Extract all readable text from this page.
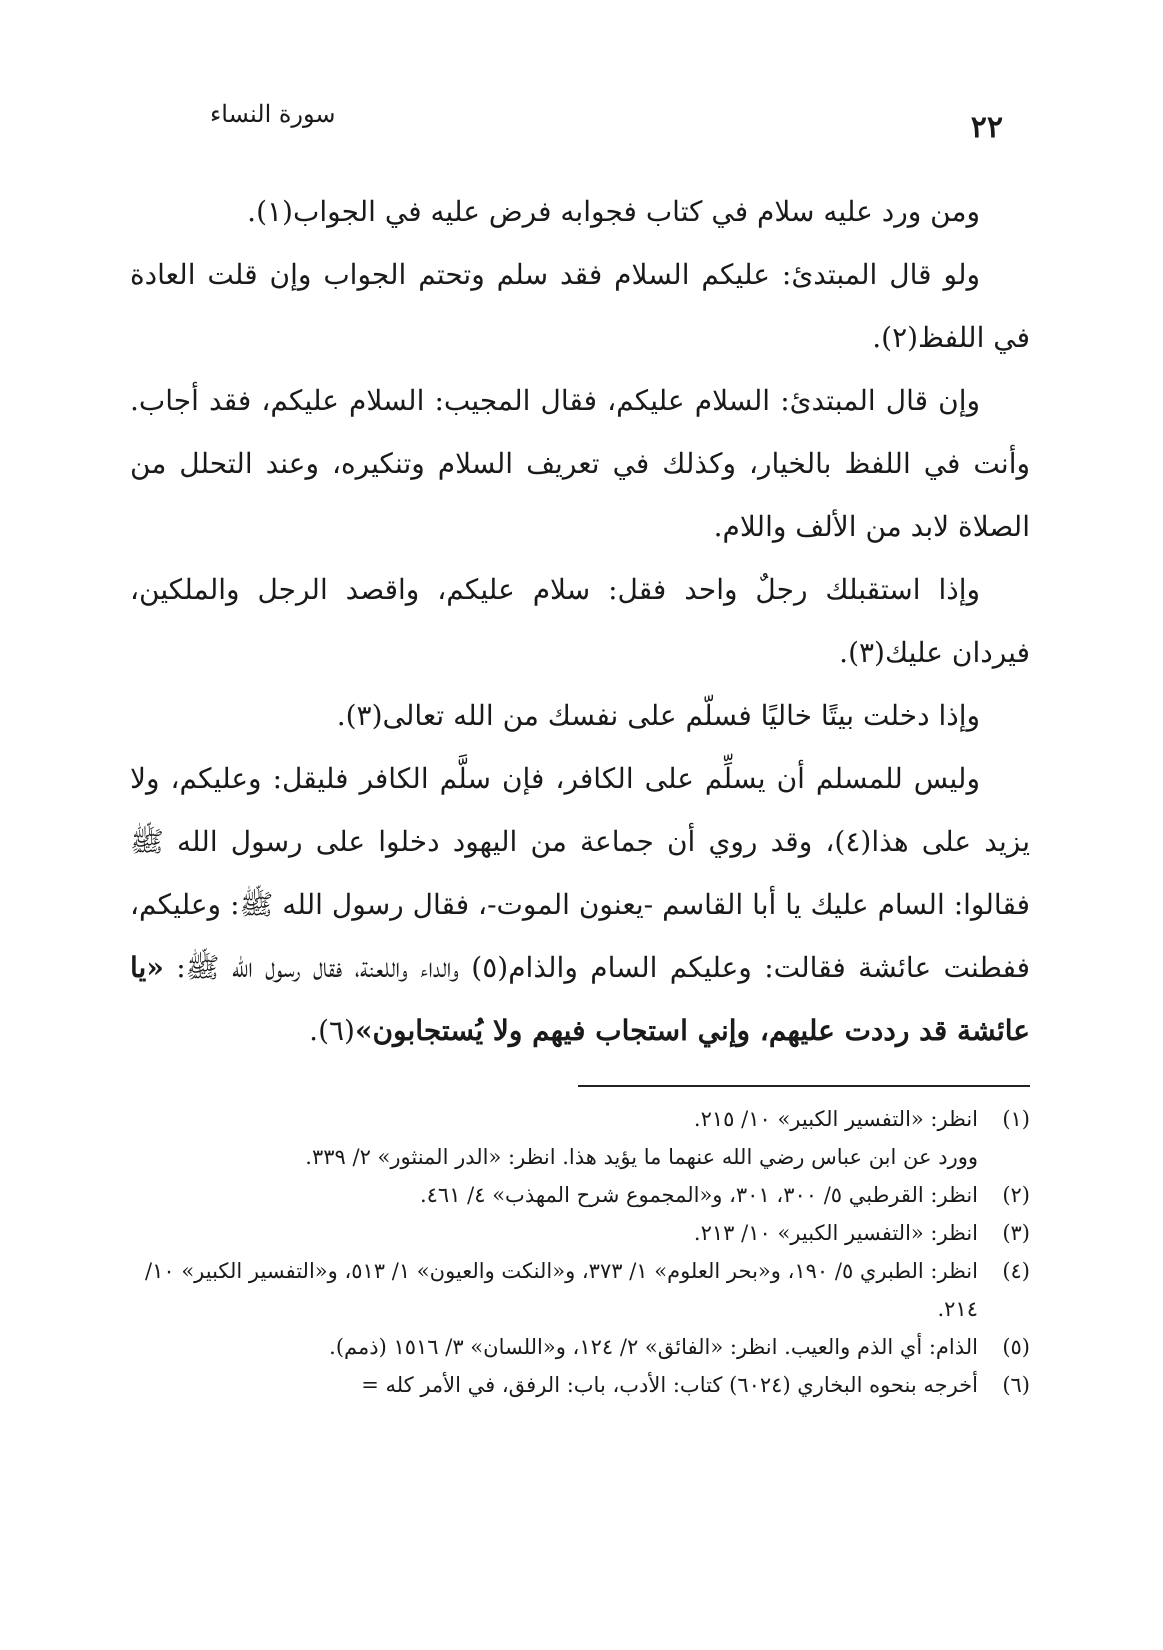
٢٢
سورة النساء

ومن ورد عليه سلام في كتاب فجوابه فرض عليه في الجواب(١).

ولو قال المبتدئ: عليكم السلام فقد سلم وتحتم الجواب وإن قلت العادة في اللفظ(٢).

وإن قال المبتدئ: السلام عليكم، فقال المجيب: السلام عليكم، فقد أجاب. وأنت في اللفظ بالخيار، وكذلك في تعريف السلام وتنكيره، وعند التحلل من الصلاة لابد من الألف واللام.

وإذا استقبلك رجلٌ واحد فقل: سلام عليكم، واقصد الرجل والملكين، فيردان عليك(٣).

وإذا دخلت بيتًا خاليًا فسلّم على نفسك من الله تعالى(٣).

وليس للمسلم أن يسلِّم على الكافر، فإن سلَّم الكافر فليقل: وعليكم، ولا يزيد على هذا(٤)، وقد روي أن جماعة من اليهود دخلوا على رسول الله ﷺ فقالوا: السام عليك يا أبا القاسم -يعنون الموت-، فقال رسول الله ﷺ: وعليكم، ففطنت عائشة فقالت: وعليكم السام والذام(٥) والداء واللعنة، فقال رسول الله ﷺ: «يا عائشة قد رددت عليهم، وإني استجاب فيهم ولا يُستجابون»(٦).

(١)
انظر: «التفسير الكبير» ١٠/ ٢١٥.

وورد عن ابن عباس رضي الله عنهما ما يؤيد هذا. انظر: «الدر المنثور» ٢/ ٣٣٩.

(٢)
انظر: القرطبي ٥/ ٣٠٠، ٣٠١، و«المجموع شرح المهذب» ٤/ ٤٦١.

(٣)
انظر: «التفسير الكبير» ١٠/ ٢١٣.

(٤)
انظر: الطبري ٥/ ١٩٠، و«بحر العلوم» ١/ ٣٧٣، و«النكت والعيون» ١/ ٥١٣، و«التفسير الكبير» ١٠/ ٢١٤.

(٥)
الذام: أي الذم والعيب. انظر: «الفائق» ٢/ ١٢٤، و«اللسان» ٣/ ١٥١٦ (ذمم).

(٦)
أخرجه بنحوه البخاري (٦٠٢٤) كتاب: الأدب، باب: الرفق، في الأمر كله =
